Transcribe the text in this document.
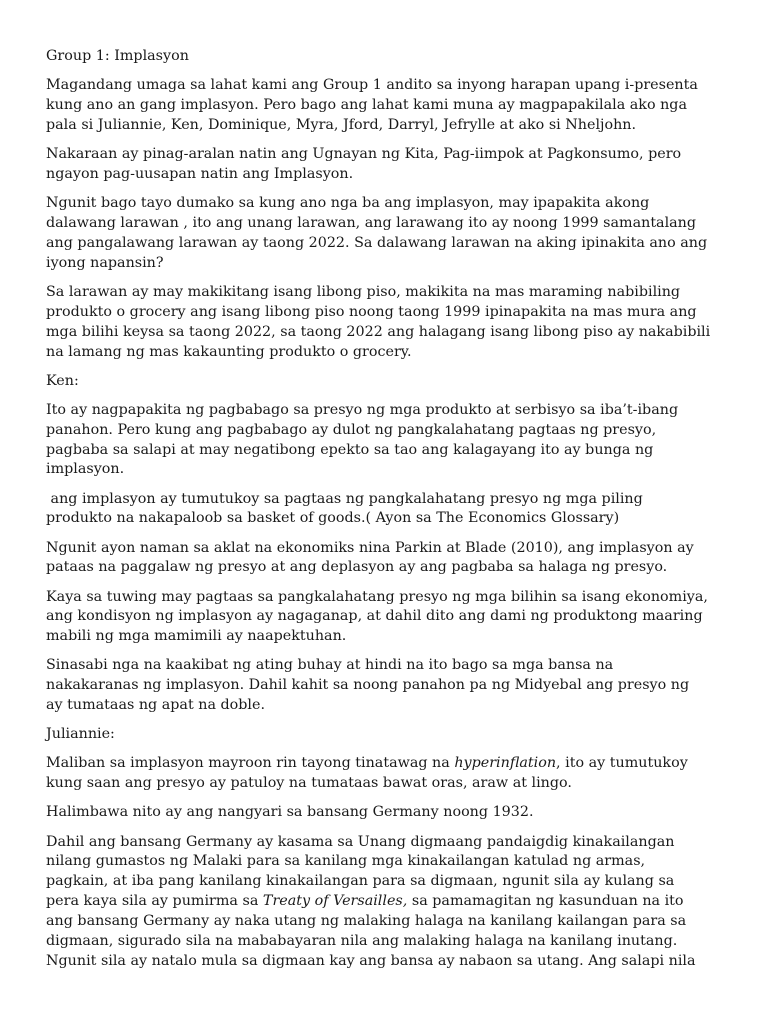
Group 1: Implasyon
Magandang umaga sa lahat kami ang Group 1 andito sa inyong harapan upang i-presenta
kung ano an gang implasyon. Pero bago ang lahat kami muna ay magpapakilala ako nga
pala si Juliannie, Ken, Dominique, Myra, Jford, Darryl, Jefrylle at ako si Nheljohn.
Nakaraan ay pinag-aralan natin ang Ugnayan ng Kita, Pag-iimpok at Pagkonsumo, pero
ngayon pag-uusapan natin ang Implasyon.
Ngunit bago tayo dumako sa kung ano nga ba ang implasyon, may ipapakita akong
dalawang larawan , ito ang unang larawan, ang larawang ito ay noong 1999 samantalang
ang pangalawang larawan ay taong 2022. Sa dalawang larawan na aking ipinakita ano ang
iyong napansin?
Sa larawan ay may makikitang isang libong piso, makikita na mas maraming nabibiling
produkto o grocery ang isang libong piso noong taong 1999 ipinapakita na mas mura ang
mga bilihi keysa sa taong 2022, sa taong 2022 ang halagang isang libong piso ay nakabibili
na lamang ng mas kakaunting produkto o grocery.
Ken:
Ito ay nagpapakita ng pagbabago sa presyo ng mga produkto at serbisyo sa iba’t-ibang
panahon. Pero kung ang pagbabago ay dulot ng pangkalahatang pagtaas ng presyo,
pagbaba sa salapi at may negatibong epekto sa tao ang kalagayang ito ay bunga ng
implasyon.
ang implasyon ay tumutukoy sa pagtaas ng pangkalahatang presyo ng mga piling
produkto na nakapaloob sa basket of goods.( Ayon sa The Economics Glossary)
Ngunit ayon naman sa aklat na ekonomiks nina Parkin at Blade (2010), ang implasyon ay
pataas na paggalaw ng presyo at ang deplasyon ay ang pagbaba sa halaga ng presyo.
Kaya sa tuwing may pagtaas sa pangkalahatang presyo ng mga bilihin sa isang ekonomiya,
ang kondisyon ng implasyon ay nagaganap, at dahil dito ang dami ng produktong maaring
mabili ng mga mamimili ay naapektuhan.
Sinasabi nga na kaakibat ng ating buhay at hindi na ito bago sa mga bansa na
nakakaranas ng implasyon. Dahil kahit sa noong panahon pa ng Midyebal ang presyo ng
ay tumataas ng apat na doble.
Juliannie:
Maliban sa implasyon mayroon rin tayong tinatawag na hyperinflation, ito ay tumutukoy
kung saan ang presyo ay patuloy na tumataas bawat oras, araw at lingo.
Halimbawa nito ay ang nangyari sa bansang Germany noong 1932.
Dahil ang bansang Germany ay kasama sa Unang digmaang pandaigdig kinakailangan
nilang gumastos ng Malaki para sa kanilang mga kinakailangan katulad ng armas,
pagkain, at iba pang kanilang kinakailangan para sa digmaan, ngunit sila ay kulang sa
pera kaya sila ay pumirma sa Treaty of Versailles, sa pamamagitan ng kasunduan na ito
ang bansang Germany ay naka utang ng malaking halaga na kanilang kailangan para sa
digmaan, sigurado sila na mababayaran nila ang malaking halaga na kanilang inutang.
Ngunit sila ay natalo mula sa digmaan kay ang bansa ay nabaon sa utang. Ang salapi nila
